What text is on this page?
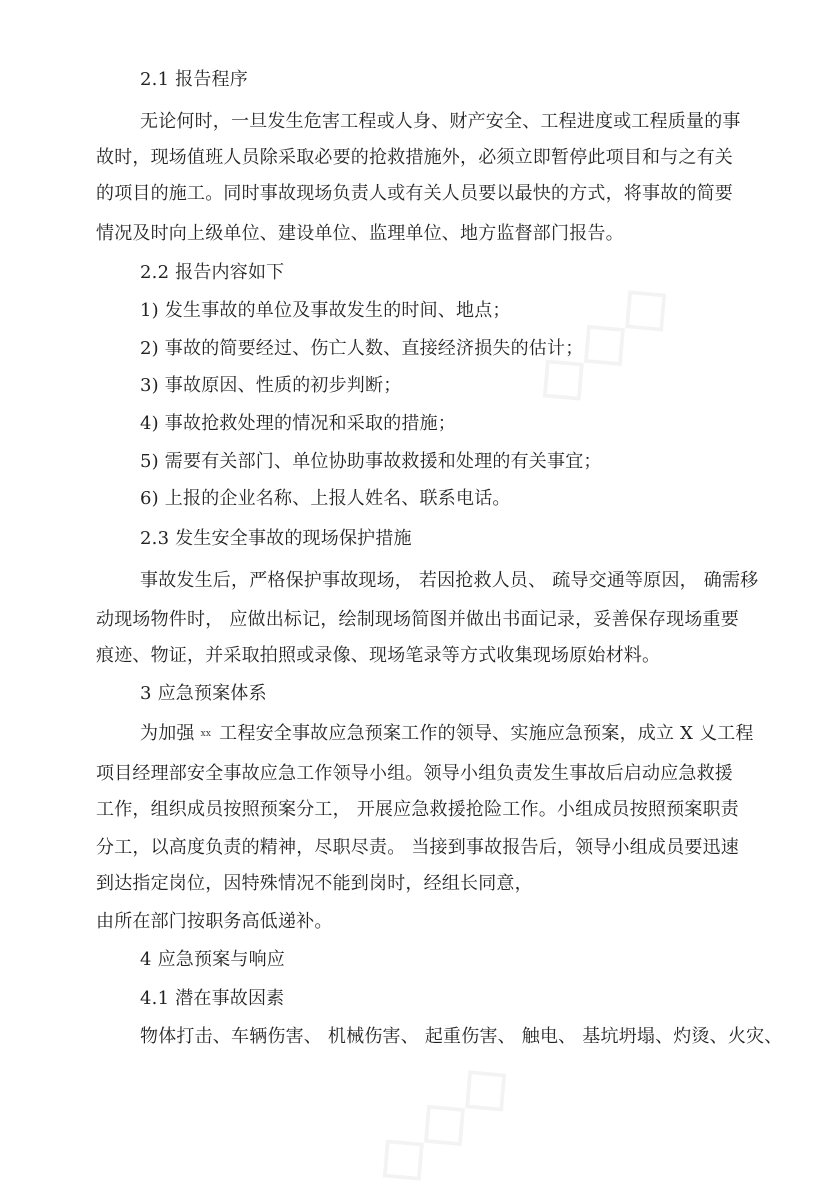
◇◇◇
◇◇◇
2.1 报告程序
无论何时，一旦发生危害工程或人身、财产安全、工程进度或工程质量的事
故时，现场值班人员除采取必要的抢救措施外，必须立即暂停此项目和与之有关
的项目的施工。同时事故现场负责人或有关人员要以最快的方式，将事故的简要
情况及时向上级单位、建设单位、监理单位、地方监督部门报告。
2.2 报告内容如下
1) 发生事故的单位及事故发生的时间、地点；
2) 事故的简要经过、伤亡人数、直接经济损失的估计；
3) 事故原因、性质的初步判断；
4) 事故抢救处理的情况和采取的措施；
5) 需要有关部门、单位协助事故救援和处理的有关事宜；
6) 上报的企业名称、上报人姓名、联系电话。
2.3 发生安全事故的现场保护措施
事故发生后，严格保护事故现场， 若因抢救人员、 疏导交通等原因， 确需移
动现场物件时， 应做出标记，绘制现场简图并做出书面记录，妥善保存现场重要
痕迹、物证，并采取拍照或录像、现场笔录等方式收集现场原始材料。
3 应急预案体系
为加强 xx 工程安全事故应急预案工作的领导、实施应急预案，成立 X 乂工程
项目经理部安全事故应急工作领导小组。领导小组负责发生事故后启动应急救援
工作，组织成员按照预案分工， 开展应急救援抢险工作。小组成员按照预案职责
分工，以高度负责的精神，尽职尽责。 当接到事故报告后，领导小组成员要迅速
到达指定岗位，因特殊情况不能到岗时，经组长同意，
由所在部门按职务高低递补。
4 应急预案与响应
4.1 潜在事故因素
物体打击、车辆伤害、 机械伤害、 起重伤害、 触电、 基坑坍塌、灼烫、火灾、
